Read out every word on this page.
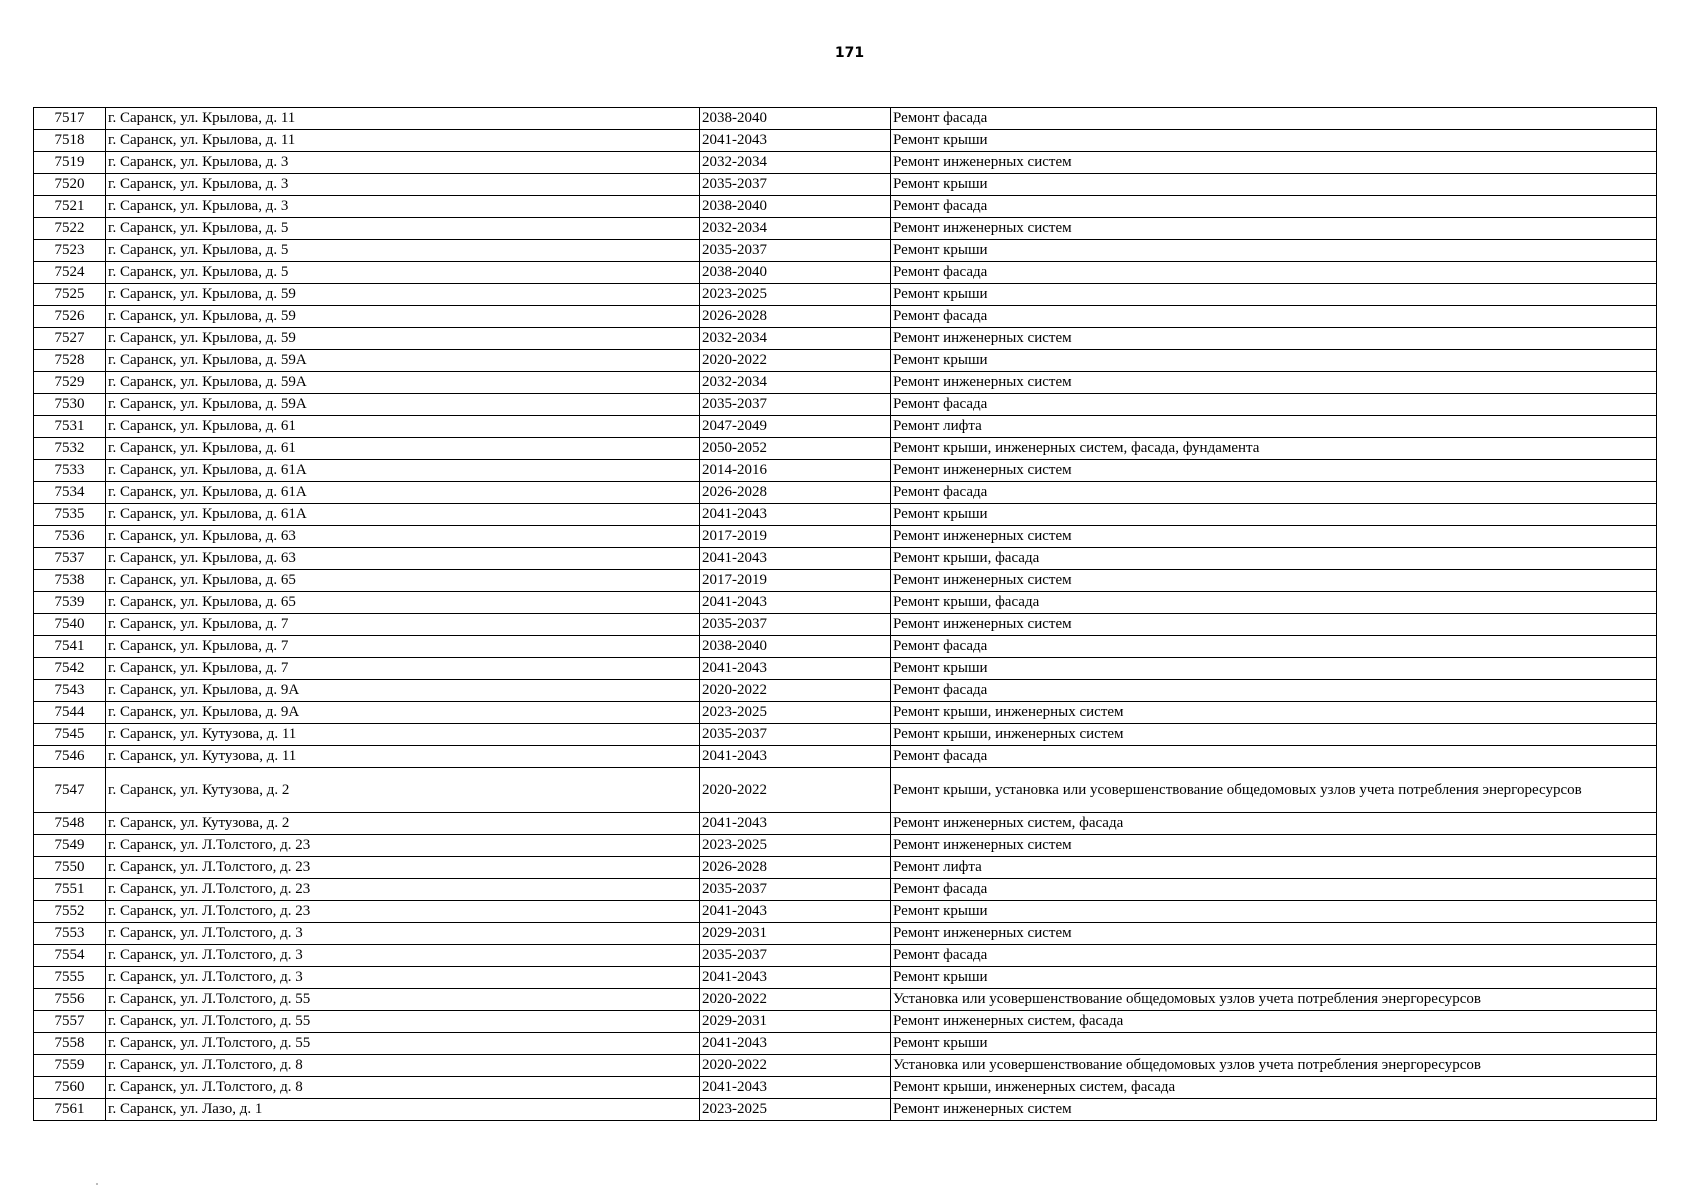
171
7517	г. Саранск, ул. Крылова, д. 11	2038-2040	Ремонт фасада
7518	г. Саранск, ул. Крылова, д. 11	2041-2043	Ремонт крыши
7519	г. Саранск, ул. Крылова, д. 3	2032-2034	Ремонт инженерных систем
7520	г. Саранск, ул. Крылова, д. 3	2035-2037	Ремонт крыши
7521	г. Саранск, ул. Крылова, д. 3	2038-2040	Ремонт фасада
7522	г. Саранск, ул. Крылова, д. 5	2032-2034	Ремонт инженерных систем
7523	г. Саранск, ул. Крылова, д. 5	2035-2037	Ремонт крыши
7524	г. Саранск, ул. Крылова, д. 5	2038-2040	Ремонт фасада
7525	г. Саранск, ул. Крылова, д. 59	2023-2025	Ремонт крыши
7526	г. Саранск, ул. Крылова, д. 59	2026-2028	Ремонт фасада
7527	г. Саранск, ул. Крылова, д. 59	2032-2034	Ремонт инженерных систем
7528	г. Саранск, ул. Крылова, д. 59А	2020-2022	Ремонт крыши
7529	г. Саранск, ул. Крылова, д. 59А	2032-2034	Ремонт инженерных систем
7530	г. Саранск, ул. Крылова, д. 59А	2035-2037	Ремонт фасада
7531	г. Саранск, ул. Крылова, д. 61	2047-2049	Ремонт лифта
7532	г. Саранск, ул. Крылова, д. 61	2050-2052	Ремонт крыши, инженерных систем, фасада, фундамента
7533	г. Саранск, ул. Крылова, д. 61А	2014-2016	Ремонт инженерных систем
7534	г. Саранск, ул. Крылова, д. 61А	2026-2028	Ремонт фасада
7535	г. Саранск, ул. Крылова, д. 61А	2041-2043	Ремонт крыши
7536	г. Саранск, ул. Крылова, д. 63	2017-2019	Ремонт инженерных систем
7537	г. Саранск, ул. Крылова, д. 63	2041-2043	Ремонт крыши, фасада
7538	г. Саранск, ул. Крылова, д. 65	2017-2019	Ремонт инженерных систем
7539	г. Саранск, ул. Крылова, д. 65	2041-2043	Ремонт крыши, фасада
7540	г. Саранск, ул. Крылова, д. 7	2035-2037	Ремонт инженерных систем
7541	г. Саранск, ул. Крылова, д. 7	2038-2040	Ремонт фасада
7542	г. Саранск, ул. Крылова, д. 7	2041-2043	Ремонт крыши
7543	г. Саранск, ул. Крылова, д. 9А	2020-2022	Ремонт фасада
7544	г. Саранск, ул. Крылова, д. 9А	2023-2025	Ремонт крыши, инженерных систем
7545	г. Саранск, ул. Кутузова, д. 11	2035-2037	Ремонт крыши, инженерных систем
7546	г. Саранск, ул. Кутузова, д. 11	2041-2043	Ремонт фасада
7547	г. Саранск, ул. Кутузова, д. 2	2020-2022	Ремонт крыши, установка или усовершенствование общедомовых узлов учета потребления энергоресурсов
7548	г. Саранск, ул. Кутузова, д. 2	2041-2043	Ремонт инженерных систем, фасада
7549	г. Саранск, ул. Л.Толстого, д. 23	2023-2025	Ремонт инженерных систем
7550	г. Саранск, ул. Л.Толстого, д. 23	2026-2028	Ремонт лифта
7551	г. Саранск, ул. Л.Толстого, д. 23	2035-2037	Ремонт фасада
7552	г. Саранск, ул. Л.Толстого, д. 23	2041-2043	Ремонт крыши
7553	г. Саранск, ул. Л.Толстого, д. 3	2029-2031	Ремонт инженерных систем
7554	г. Саранск, ул. Л.Толстого, д. 3	2035-2037	Ремонт фасада
7555	г. Саранск, ул. Л.Толстого, д. 3	2041-2043	Ремонт крыши
7556	г. Саранск, ул. Л.Толстого, д. 55	2020-2022	Установка или усовершенствование общедомовых узлов учета потребления энергоресурсов
7557	г. Саранск, ул. Л.Толстого, д. 55	2029-2031	Ремонт инженерных систем, фасада
7558	г. Саранск, ул. Л.Толстого, д. 55	2041-2043	Ремонт крыши
7559	г. Саранск, ул. Л.Толстого, д. 8	2020-2022	Установка или усовершенствование общедомовых узлов учета потребления энергоресурсов
7560	г. Саранск, ул. Л.Толстого, д. 8	2041-2043	Ремонт крыши, инженерных систем, фасада
7561	г. Саранск, ул. Лазо, д. 1	2023-2025	Ремонт инженерных систем
